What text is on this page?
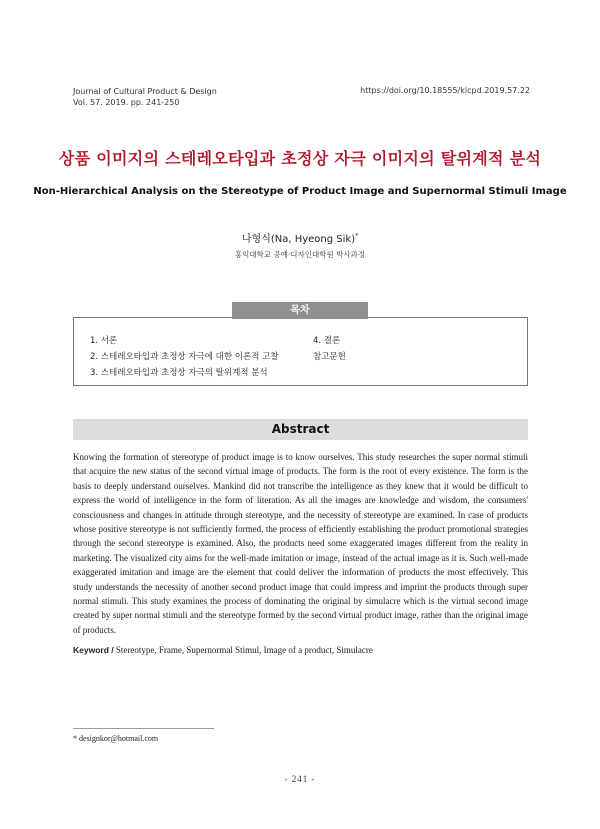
Journal of Cultural Product & Design
Vol. 57. 2019. pp. 241-250
https://doi.org/10.18555/kicpd.2019.57.22
상품 이미지의 스테레오타입과 초정상 자극 이미지의 탈위계적 분석
Non-Hierarchical Analysis on the Stereotype of Product Image and Supernormal Stimuli Image
나형식(Na, Hyeong Sik)*
홍익대학교 공예·디자인대학원 박사과정
목차
1. 서론
2. 스테레오타입과 초정상 자극에 대한 이론적 고찰
3. 스테레오타입과 초정상 자극의 탈위계적 분석
4. 결론
참고문헌
Abstract
Knowing the formation of stereotype of product image is to know ourselves. This study researches the super normal stimuli that acquire the new status of the second virtual image of products. The form is the root of every existence. The form is the basis to deeply understand ourselves. Mankind did not transcribe the intelligence as they knew that it would be difficult to express the world of intelligence in the form of literation. As all the images are knowledge and wisdom, the consumers' consciousness and changes in attitude through stereotype, and the necessity of stereotype are examined. In case of products whose positive stereotype is not sufficiently formed, the process of efficiently establishing the product promotional strategies through the second stereotype is examined. Also, the products need some exaggerated images different from the reality in marketing. The visualized city aims for the well-made imitation or image, instead of the actual image as it is. Such well-made exaggerated imitation and image are the element that could deliver the information of products the most effectively. This study understands the necessity of another second product image that could impress and imprint the products through super normal stimuli. This study examines the process of dominating the original by simulacre which is the virtual second image created by super normal stimuli and the stereotype formed by the second virtual product image, rather than the original image of products.
Keyword / Stereotype, Frame, Supernormal Stimul, Image of a product, Simulacre
* designkor@hotmail.com
- 241 -
